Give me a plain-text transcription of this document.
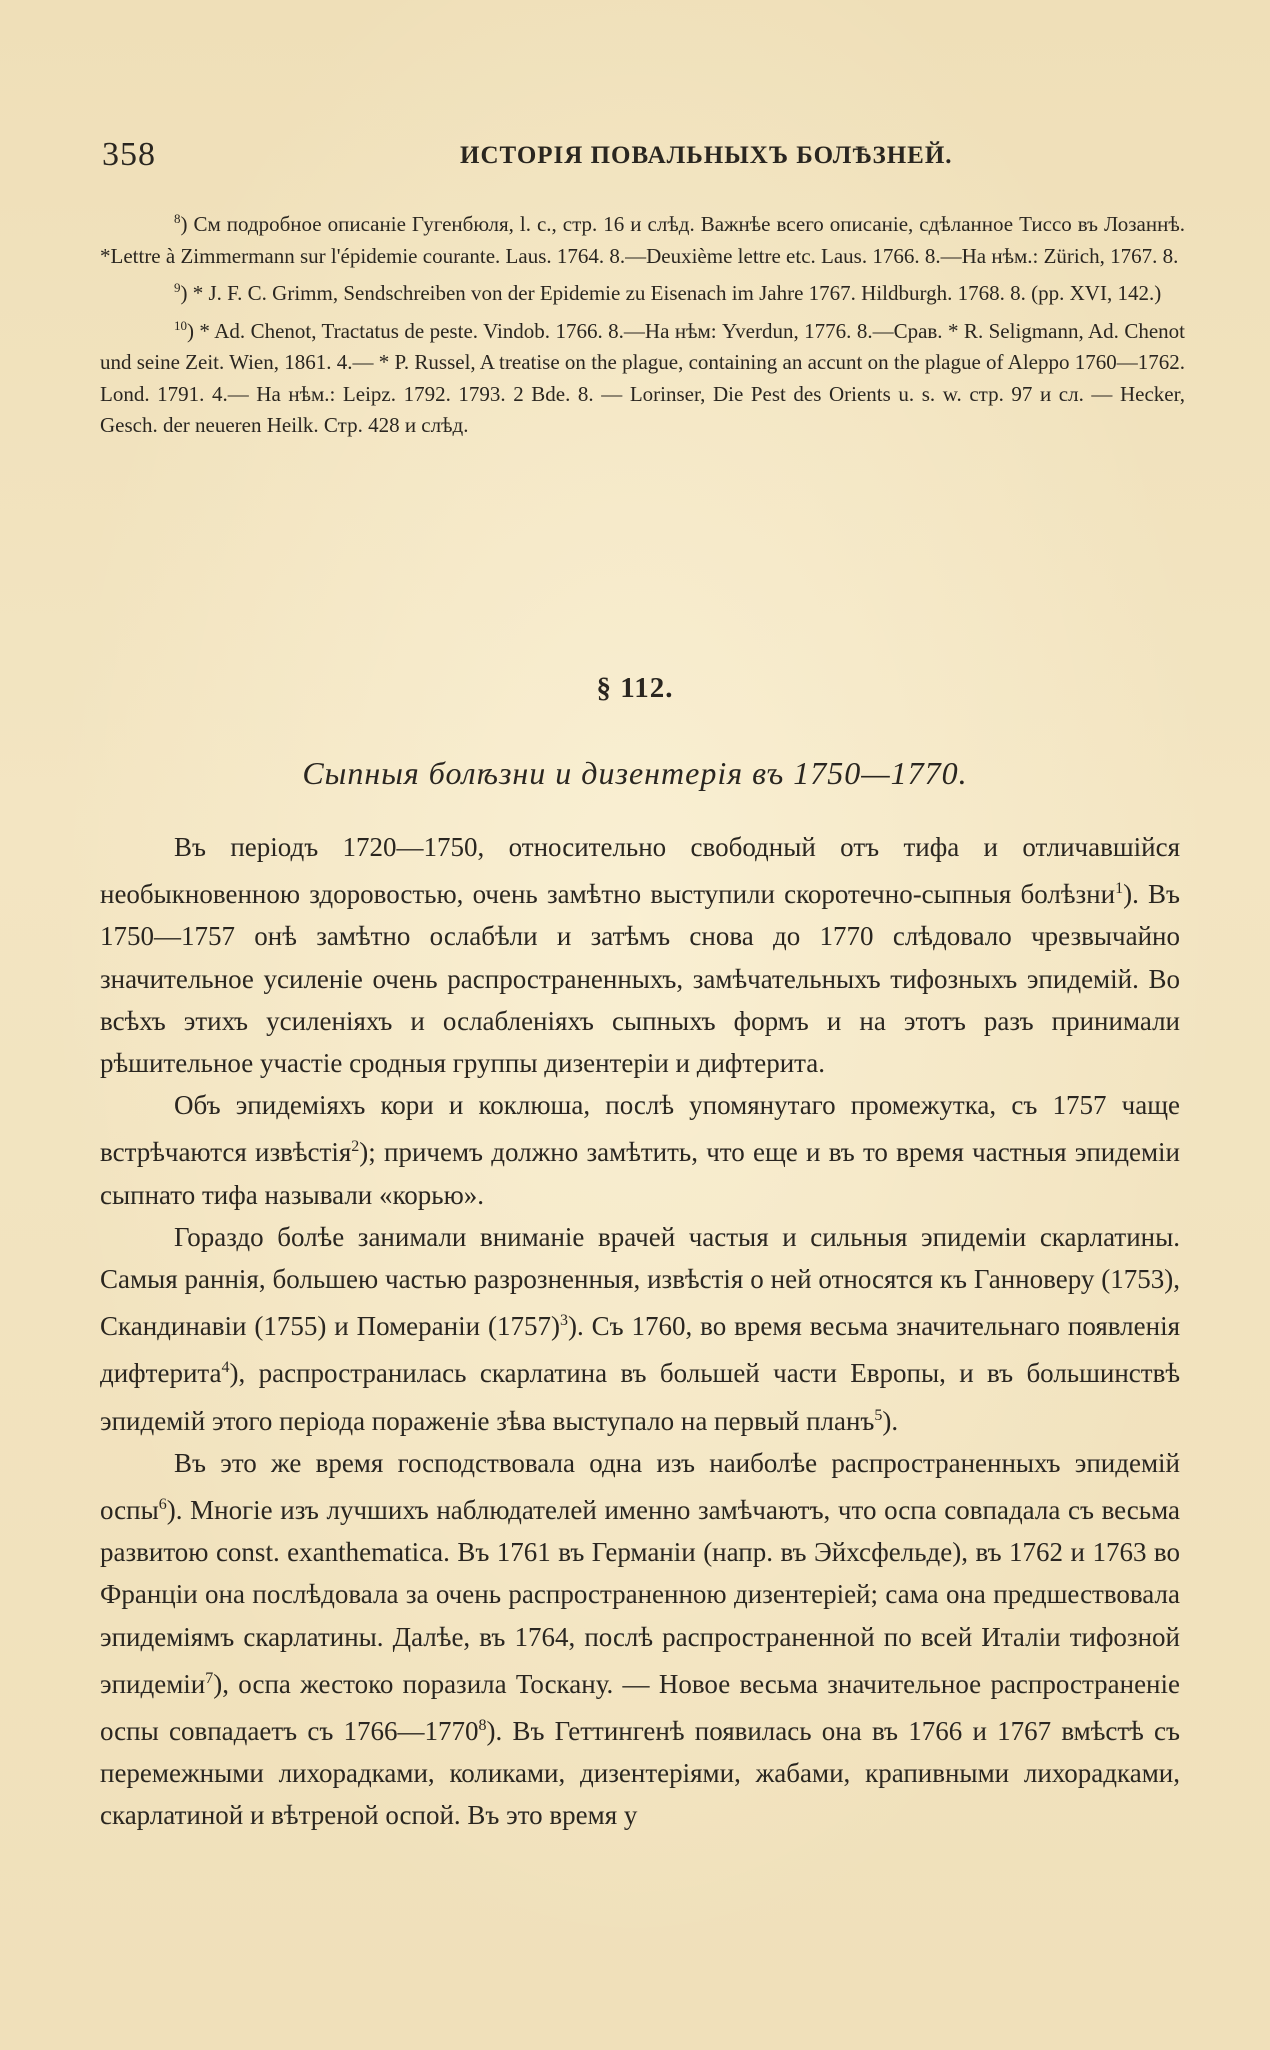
358	ИСТОРІЯ ПОВАЛЬНЫХЪ БОЛѢЗНЕЙ.

$^8$) См подробное описаніе Гугенбюля, l. c., стр. 16 и слѣд. Важнѣе всего описаніе, сдѣланное Тиссо въ Лозаннѣ. *Lettre à Zimmermann sur l'épidemie courante. Laus. 1764. 8.—Deuxième lettre etc. Laus. 1766. 8.—На нѣм.: Zürich, 1767. 8.

$^9$) * J. F. C. Grimm, Sendschreiben von der Epidemie zu Eisenach im Jahre 1767. Hildburgh. 1768. 8. (pp. XVI, 142.)

$^{10}$) * Ad. Chenot, Tractatus de peste. Vindob. 1766. 8.—На нѣм: Yverdun, 1776. 8.—Срав. * R. Seligmann, Ad. Chenot und seine Zeit. Wien, 1861. 4.— * P. Russel, A treatise on the plague, containing an accunt on the plague of Aleppo 1760—1762. Lond. 1791. 4.— На нѣм.: Leipz. 1792. 1793. 2 Bde. 8. — Lorinser, Die Pest des Orients u. s. w. стр. 97 и сл. — Hecker, Gesch. der neueren Heilk. Стр. 428 и слѣд.

§ 112.
Сыпныя болѣзни и дизентерія въ 1750—1770.

Въ періодъ 1720—1750, относительно свободный отъ тифа и отличавшійся необыкновенною здоровостью, очень замѣтно выступили скоротечно-сыпныя болѣзни$^1$). Въ 1750—1757 онѣ замѣтно ослабѣли и затѣмъ снова до 1770 слѣдовало чрезвычайно значительное усиленіе очень распространенныхъ, замѣчательныхъ тифозныхъ эпидемій. Во всѣхъ этихъ усиленіяхъ и ослабленіяхъ сыпныхъ формъ и на этотъ разъ принимали рѣшительное участіе сродныя группы дизентеріи и дифтерита.

Объ эпидеміяхъ кори и коклюша, послѣ упомянутаго промежутка, съ 1757 чаще встрѣчаются извѣстія$^2$); причемъ должно замѣтить, что еще и въ то время частныя эпидеміи сыпнато тифа называли «корью».

Гораздо болѣе занимали вниманіе врачей частыя и сильныя эпидеміи скарлатины. Самыя раннія, большею частью разрозненныя, извѣстія о ней относятся къ Ганноверу (1753), Скандинавіи (1755) и Помераніи $(1757)^3$). Съ 1760, во время весьма значительнаго появленія дифтерита$^4$), распространилась скарлатина въ большей части Европы, и въ большинствѣ эпидемій этого періода пораженіе зѣва выступало на первый планъ$^5$).

Въ это же время господствовала одна изъ наиболѣе распространенныхъ эпидемій оспы$^6$). Многіе изъ лучшихъ наблюдателей именно замѣчаютъ, что оспа совпадала съ весьма развитою const. exanthematica. Въ 1761 въ Германіи (напр. въ Эйхсфельде), въ 1762 и 1763 во Франціи она послѣдовала за очень распространенною дизентеріей; сама она предшествовала эпидеміямъ скарлатины. Далѣе, въ 1764, послѣ распространенной по всей Италіи тифозной эпидеміи$^7$), оспа жестоко поразила Тоскану. — Новое весьма значительное распространеніе оспы совпадаетъ съ 1766—1770$^8$). Въ Геттингенѣ появилась она въ 1766 и 1767 вмѣстѣ съ перемежными лихорадками, коликами, дизентеріями, жабами, крапивными лихорадками, скарлатиной и вѣтреной оспой. Въ это время у
